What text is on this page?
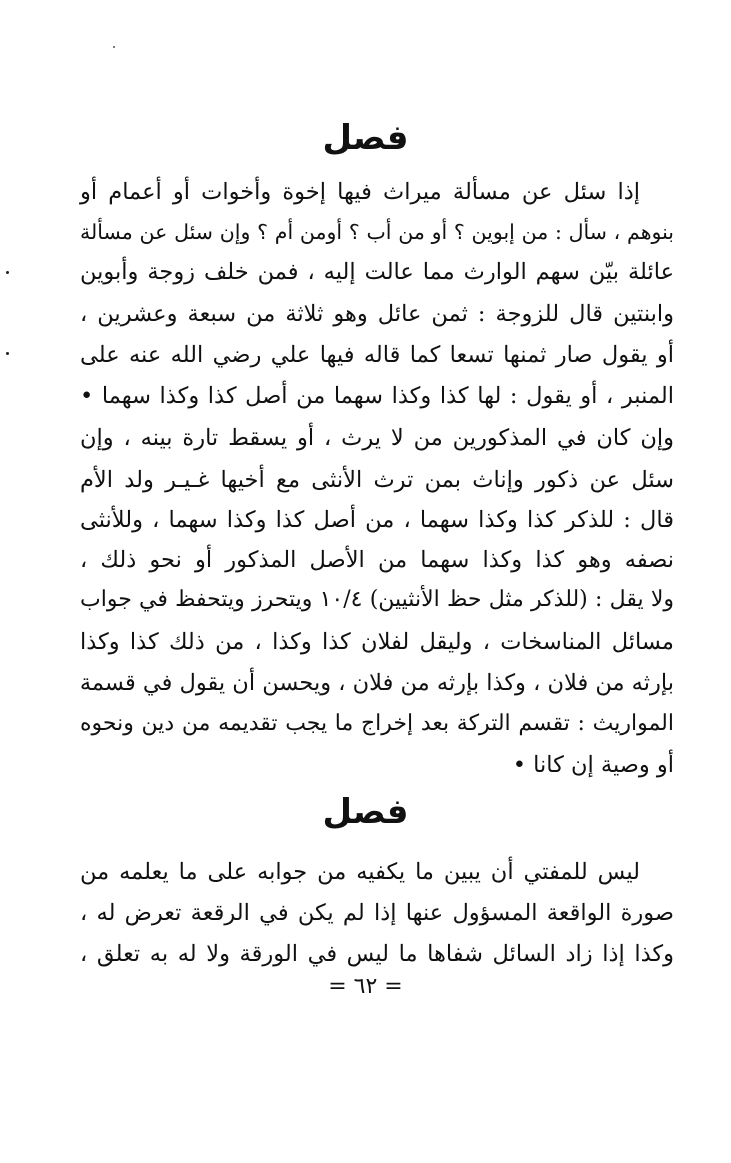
فصل
إذا سئل عن مسألة ميراث فيها إخوة وأخوات أو أعمام أو
بنوهم ، سأل : من إبوين ؟ أو من أب ؟ أومن أم ؟ وإن سئل عن مسألة
عائلة بيّن سهم الوارث مما عالت إليه ، فمن خلف زوجة وأبوين
وابنتين قال للزوجة : ثمن عائل وهو ثلاثة من سبعة وعشرين ،
أو يقول صار ثمنها تسعا كما قاله فيها علي رضي الله عنه على
المنبر ، أو يقول : لها كذا وكذا سهما من أصل كذا وكذا سهما •
وإن كان في المذكورين من لا يرث ، أو يسقط تارة بينه ، وإن
سئل عن ذكور وإناث بمن ترث الأنثى مع أخيها غـيـر ولد الأم
قال : للذكر كذا وكذا سهما ، من أصل كذا وكذا سهما ، وللأنثى
نصفه وهو كذا وكذا سهما من الأصل المذكور أو نحو ذلك ،
ولا يقل : (للذكر مثل حظ الأنثيين) ١٠/٤ ويتحرز ويتحفظ في جواب
مسائل المناسخات ، وليقل لفلان كذا وكذا ، من ذلك كذا وكذا
بإرثه من فلان ، وكذا بإرثه من فلان ، ويحسن أن يقول في قسمة
المواريث : تقسم التركة بعد إخراج ما يجب تقديمه من دين ونحوه
أو وصية إن كانا •
فصل
ليس للمفتي أن يبين ما يكفيه من جوابه على ما يعلمه من
صورة الواقعة المسؤول عنها إذا لم يكن في الرقعة تعرض له ،
وكذا إذا زاد السائل شفاها ما ليس في الورقة ولا له به تعلق ،
= ٦٢ =
